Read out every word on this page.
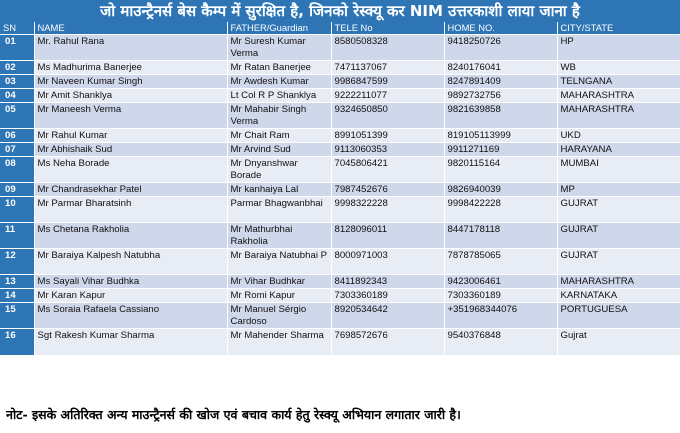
जो माउन्ट्रैनर्स बेस कैम्प में सुरक्षित है, जिनको रेस्क्यू कर NIM उत्तरकाशी लाया जाना है
SN	NAME	FATHER/Guardian	TELE No	HOME NO.	CITY/STATE
01	Mr. Rahul Rana	Mr Suresh Kumar Verma	8580508328	9418250726	HP
02	Ms Madhurima Banerjee	Mr Ratan Banerjee	7471137067	8240176041	WB
03	Mr Naveen Kumar Singh	Mr Awdesh Kumar	9986847599	8247891409	TELNGANA
04	Mr Amit Shanklya	Lt Col R P Shanklya	9222211077	9892732756	MAHARASHTRA
05	Mr Maneesh Verma	Mr Mahabir Singh Verma	9324650850	9821639858	MAHARASHTRA
06	Mr Rahul Kumar	Mr Chait Ram	8991051399	819105113999	UKD
07	Mr Abhishaik Sud	Mr Arvind Sud	9113060353	9911271169	HARAYANA
08	Ms Neha Borade	Mr Dnyanshwar Borade	7045806421	9820115164	MUMBAI
09	Mr Chandrasekhar Patel	Mr kanhaiya Lal	7987452676	9826940039	MP
10	Mr Parmar Bharatsinh	Parmar Bhagwanbhai	9998322228	9998422228	GUJRAT
11	Ms Chetana Rakholia	Mr Mathurbhai Rakholia	8128096011	8447178118	GUJRAT
12	Mr Baraiya Kalpesh Natubha	Mr Baraiya Natubhai P	8000971003	7878785065	GUJRAT
13	Ms Sayali Vihar Budhka	Mr Vihar Budhkar	8411892343	9423006461	MAHARASHTRA
14	Mr Karan Kapur	Mr Romi Kapur	7303360189	7303360189	KARNATAKA
15	Ms Soraia Rafaela Cassiano	Mr Manuel Sérgio Cardoso	8920534642	+351968344076	PORTUGUESA
16	Sgt Rakesh Kumar Sharma	Mr Mahender Sharma	7698572676	9540376848	Gujrat
नोट- इसके अतिरिक्त अन्य माउन्ट्रैनर्स की खोज एवं बचाव कार्य हेतु रेस्क्यू अभियान लगातार जारी है।
